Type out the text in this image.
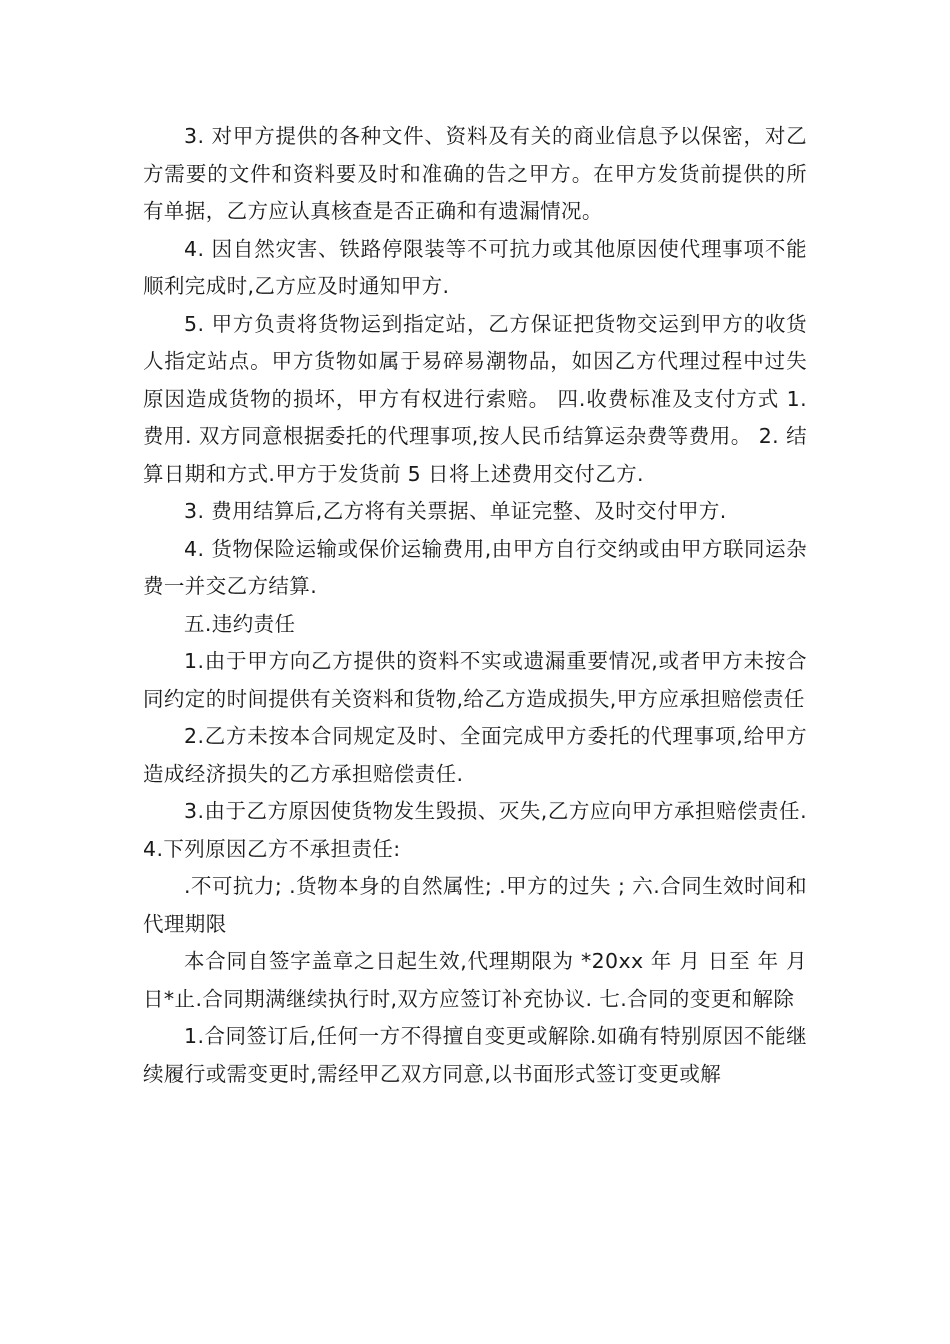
3. 对甲方提供的各种文件、资料及有关的商业信息予以保密，对乙方需要的文件和资料要及时和准确的告之甲方。在甲方发货前提供的所有单据，乙方应认真核查是否正确和有遗漏情况。

4. 因自然灾害、铁路停限装等不可抗力或其他原因使代理事项不能顺利完成时,乙方应及时通知甲方.

5. 甲方负责将货物运到指定站，乙方保证把货物交运到甲方的收货人指定站点。甲方货物如属于易碎易潮物品，如因乙方代理过程中过失原因造成货物的损坏，甲方有权进行索赔。 四.收费标准及支付方式 1. 费用. 双方同意根据委托的代理事项,按人民币结算运杂费等费用。 2. 结算日期和方式.甲方于发货前 5 日将上述费用交付乙方.

3. 费用结算后,乙方将有关票据、单证完整、及时交付甲方.

4. 货物保险运输或保价运输费用,由甲方自行交纳或由甲方联同运杂费一并交乙方结算.

五.违约责任

1.由于甲方向乙方提供的资料不实或遗漏重要情况,或者甲方未按合同约定的时间提供有关资料和货物,给乙方造成损失,甲方应承担赔偿责任

2.乙方未按本合同规定及时、全面完成甲方委托的代理事项,给甲方造成经济损失的乙方承担赔偿责任.

3.由于乙方原因使货物发生毁损、灭失,乙方应向甲方承担赔偿责任. 4.下列原因乙方不承担责任:

.不可抗力; .货物本身的自然属性; .甲方的过失 ; 六.合同生效时间和代理期限

本合同自签字盖章之日起生效,代理期限为 *20xx 年 月 日至 年 月 日*止.合同期满继续执行时,双方应签订补充协议. 七.合同的变更和解除

1.合同签订后,任何一方不得擅自变更或解除.如确有特别原因不能继续履行或需变更时,需经甲乙双方同意,以书面形式签订变更或解
